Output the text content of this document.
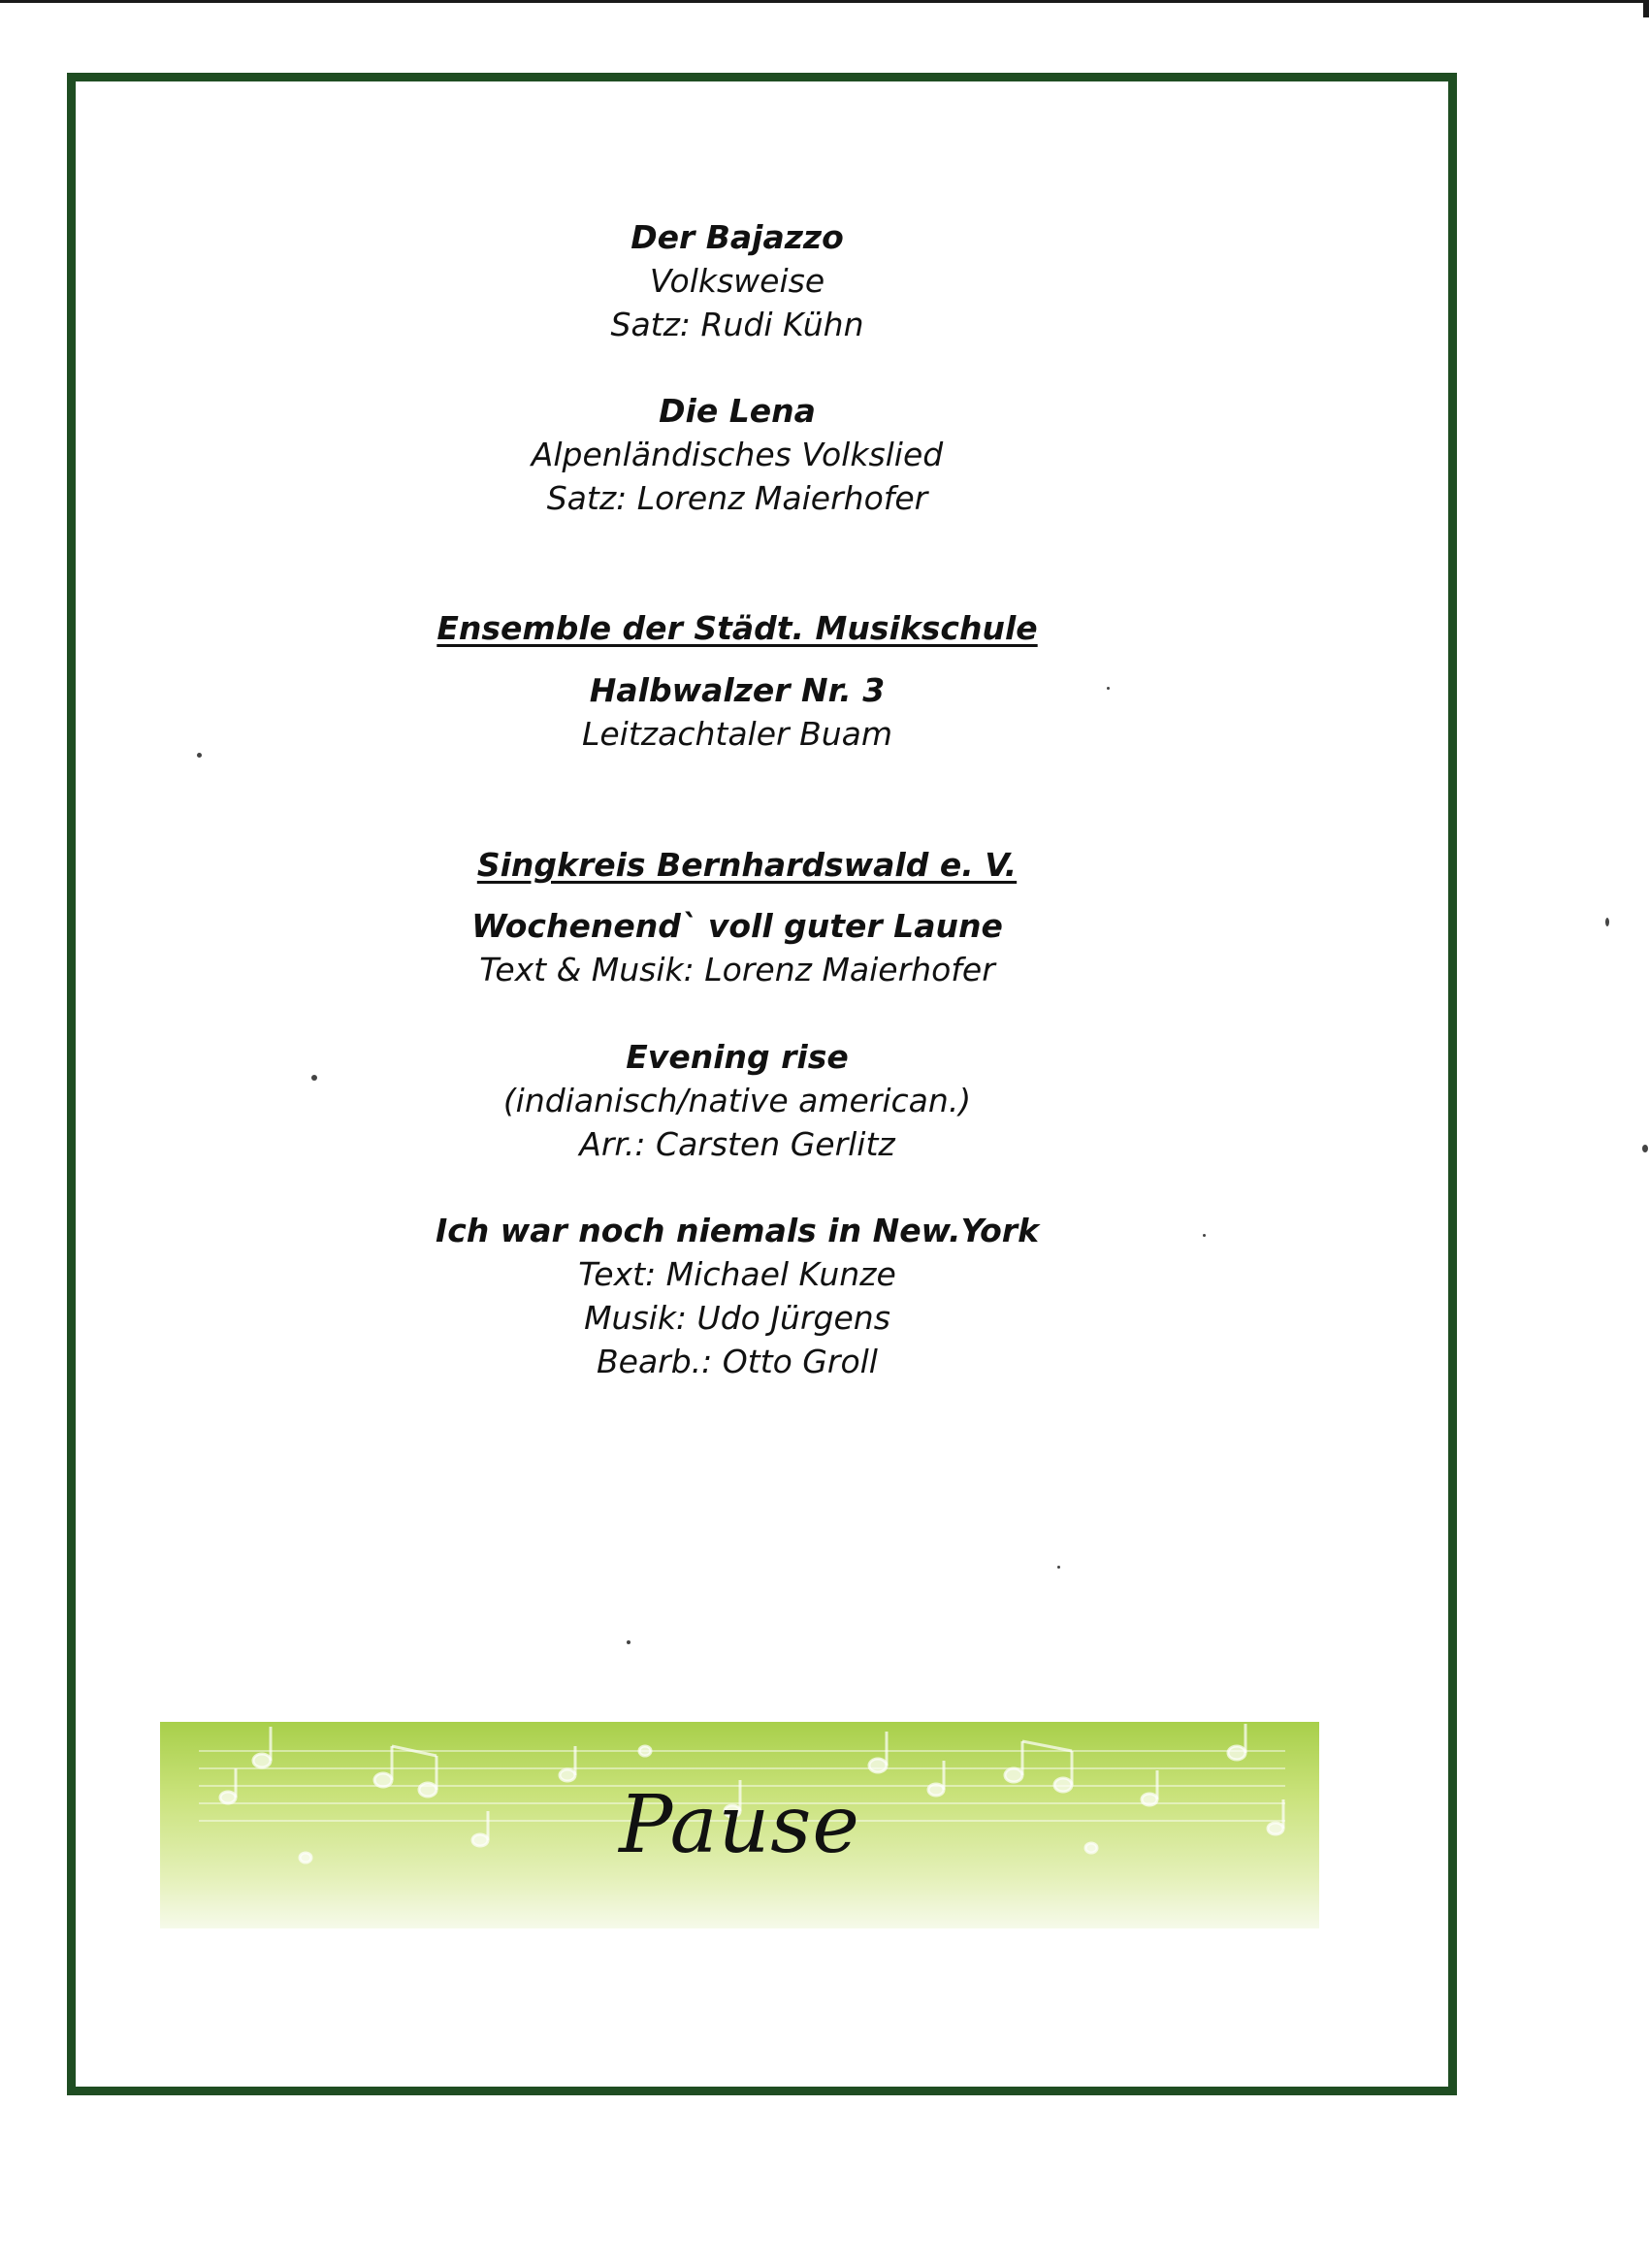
Der Bajazzo
Volksweise
Satz: Rudi Kühn
Die Lena
Alpenländisches Volkslied
Satz: Lorenz Maierhofer
Ensemble der Städt. Musikschule
Halbwalzer Nr. 3
Leitzachtaler Buam
Singkreis Bernhardswald e. V.
Wochenend` voll guter Laune
Text & Musik: Lorenz Maierhofer
Evening rise
(indianisch/native american.)
Arr.: Carsten Gerlitz
Ich war noch niemals in New.York
Text: Michael Kunze
Musik: Udo Jürgens
Bearb.: Otto Groll
Pause
